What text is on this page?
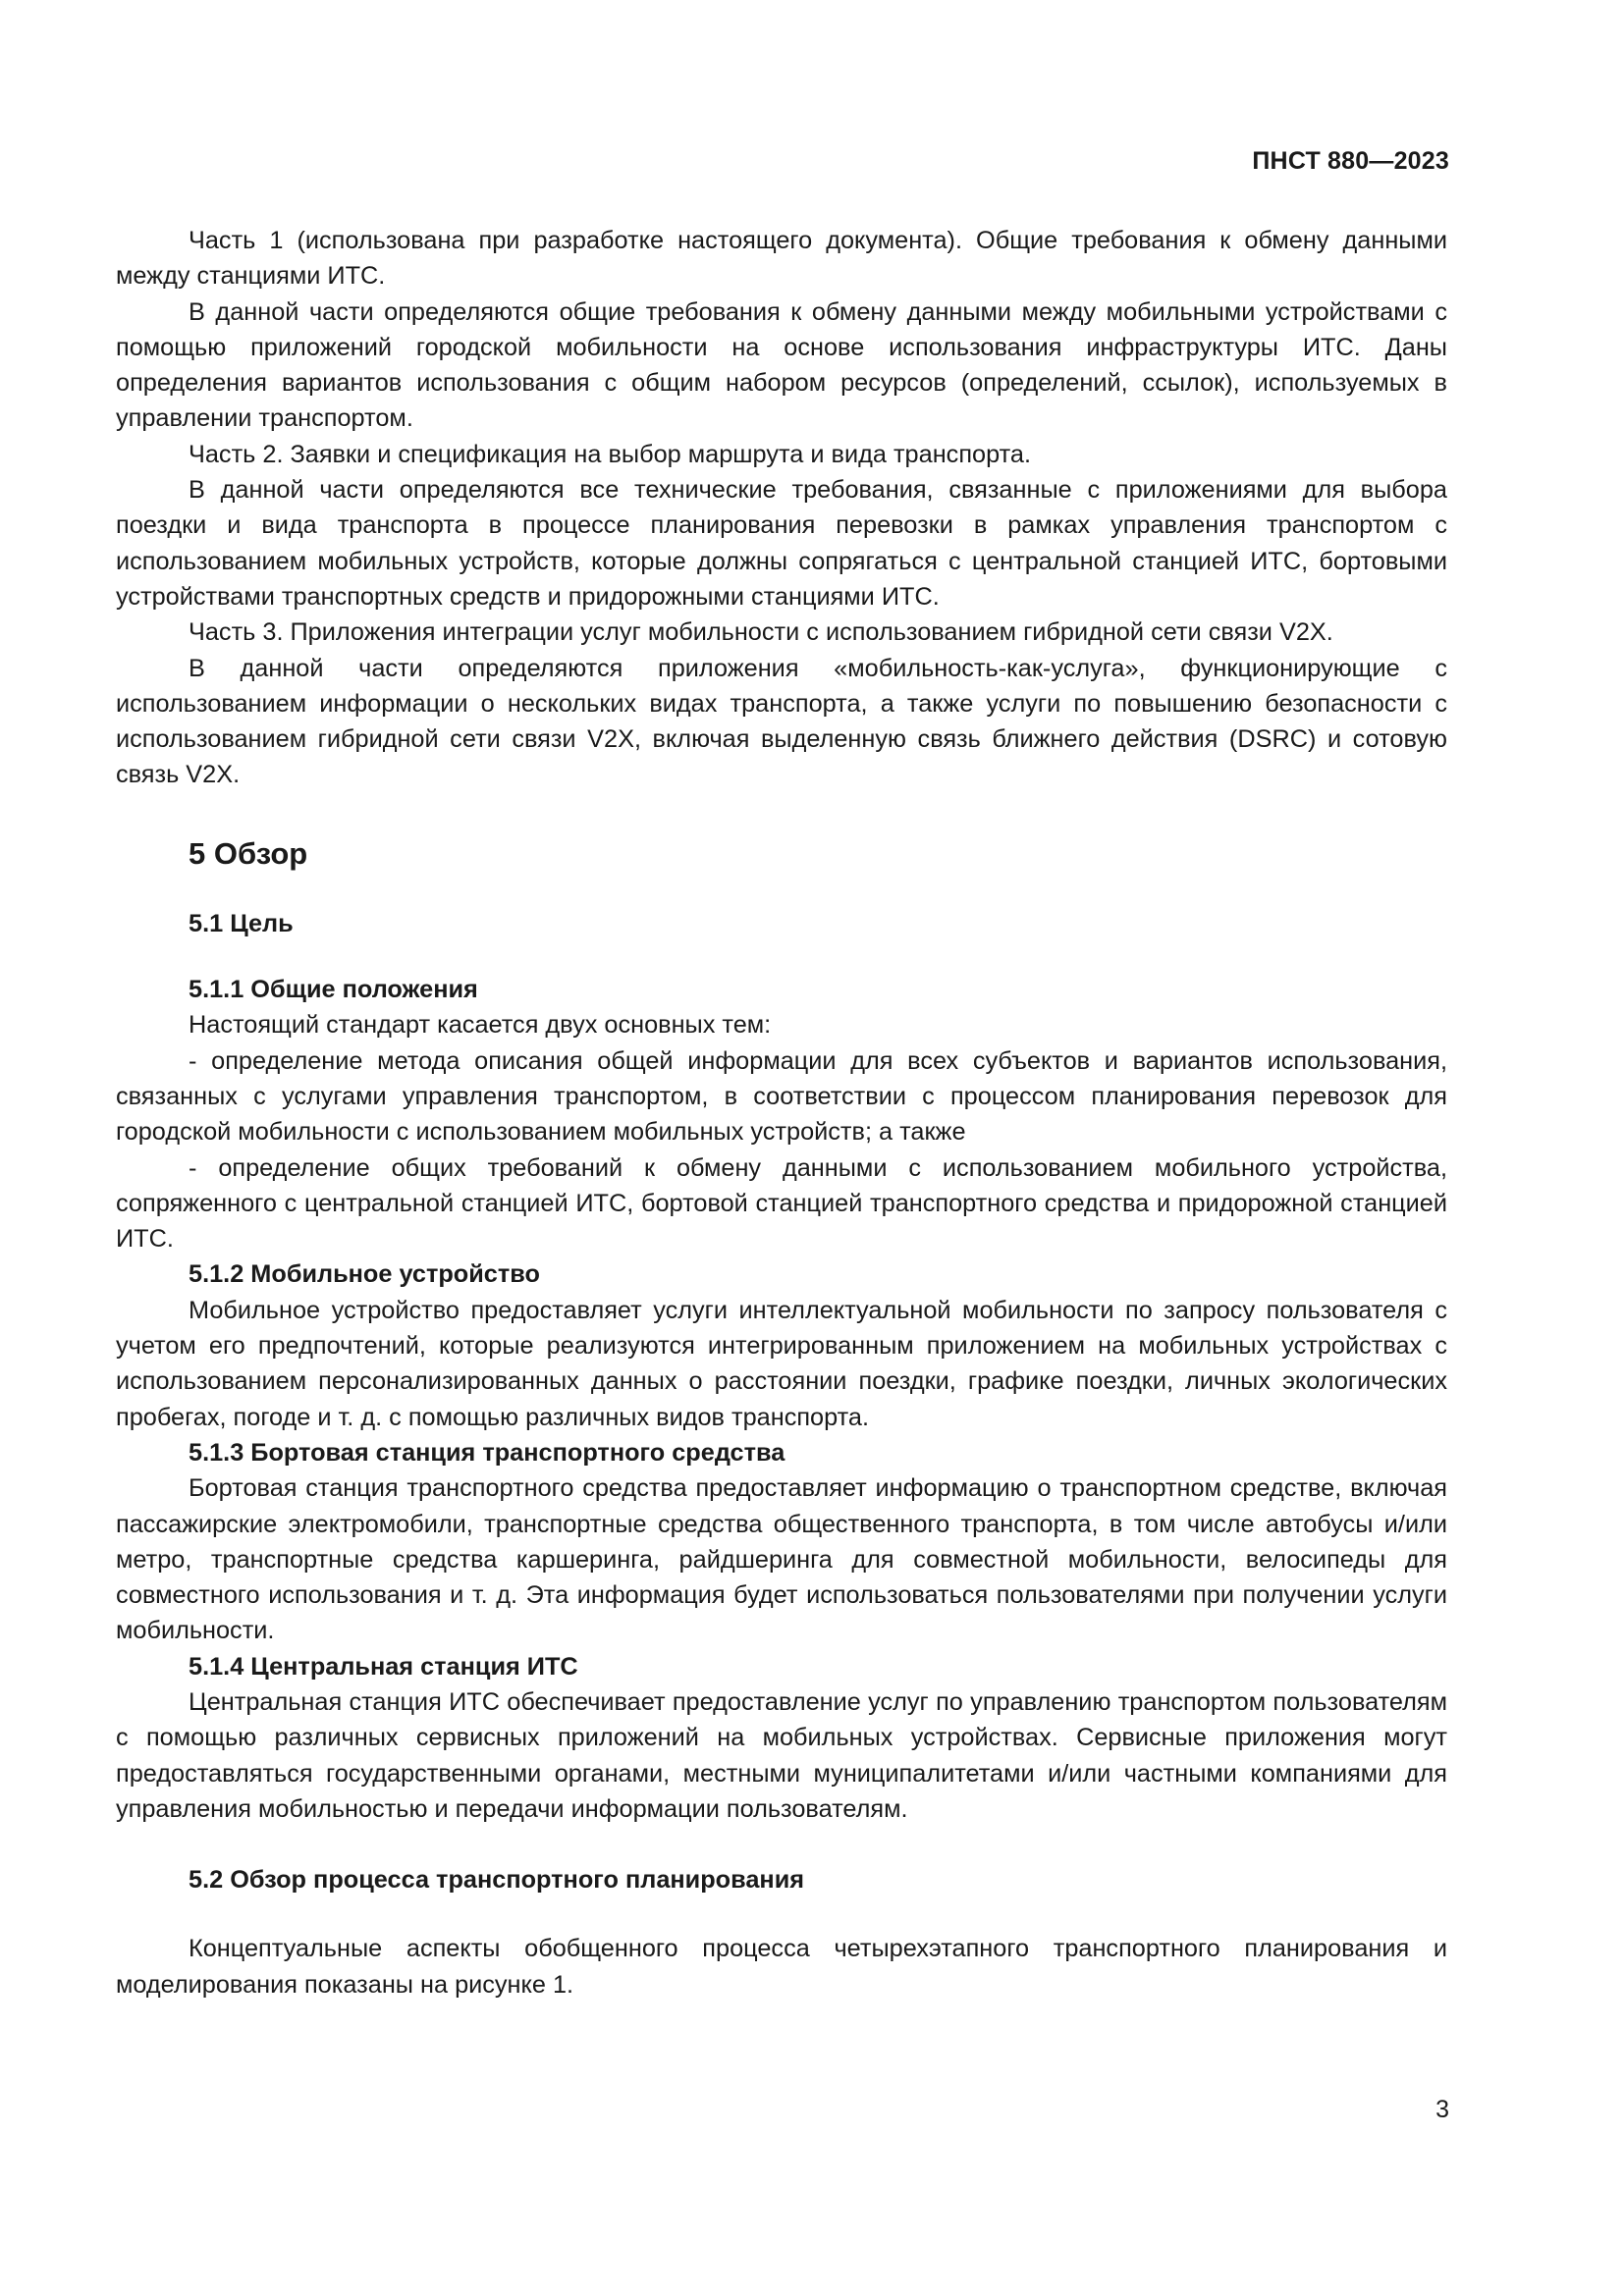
ПНСТ 880—2023

Часть 1 (использована при разработке настоящего документа). Общие требования к обмену данными между станциями ИТС.

В данной части определяются общие требования к обмену данными между мобильными устройствами с помощью приложений городской мобильности на основе использования инфраструктуры ИТС. Даны определения вариантов использования с общим набором ресурсов (определений, ссылок), используемых в управлении транспортом.

Часть 2. Заявки и спецификация на выбор маршрута и вида транспорта.

В данной части определяются все технические требования, связанные с приложениями для выбора поездки и вида транспорта в процессе планирования перевозки в рамках управления транспортом с использованием мобильных устройств, которые должны сопрягаться с центральной станцией ИТС, бортовыми устройствами транспортных средств и придорожными станциями ИТС.

Часть 3. Приложения интеграции услуг мобильности с использованием гибридной сети связи V2X.

В данной части определяются приложения «мобильность-как-услуга», функционирующие с использованием информации о нескольких видах транспорта, а также услуги по повышению безопасности с использованием гибридной сети связи V2X, включая выделенную связь ближнего действия (DSRC) и сотовую связь V2X.

5 Обзор
5.1 Цель
5.1.1 Общие положения

Настоящий стандарт касается двух основных тем:

- определение метода описания общей информации для всех субъектов и вариантов использования, связанных с услугами управления транспортом, в соответствии с процессом планирования перевозок для городской мобильности с использованием мобильных устройств; а также

- определение общих требований к обмену данными с использованием мобильного устройства, сопряженного с центральной станцией ИТС, бортовой станцией транспортного средства и придорожной станцией ИТС.

5.1.2 Мобильное устройство

Мобильное устройство предоставляет услуги интеллектуальной мобильности по запросу пользователя с учетом его предпочтений, которые реализуются интегрированным приложением на мобильных устройствах с использованием персонализированных данных о расстоянии поездки, графике поездки, личных экологических пробегах, погоде и т. д. с помощью различных видов транспорта.

5.1.3 Бортовая станция транспортного средства

Бортовая станция транспортного средства предоставляет информацию о транспортном средстве, включая пассажирские электромобили, транспортные средства общественного транспорта, в том числе автобусы и/или метро, транспортные средства каршеринга, райдшеринга для совместной мобильности, велосипеды для совместного использования и т. д. Эта информация будет использоваться пользователями при получении услуги мобильности.

5.1.4 Центральная станция ИТС

Центральная станция ИТС обеспечивает предоставление услуг по управлению транспортом пользователям с помощью различных сервисных приложений на мобильных устройствах. Сервисные приложения могут предоставляться государственными органами, местными муниципалитетами и/или частными компаниями для управления мобильностью и передачи информации пользователям.

5.2 Обзор процесса транспортного планирования

Концептуальные аспекты обобщенного процесса четырехэтапного транспортного планирования и моделирования показаны на рисунке 1.

3
